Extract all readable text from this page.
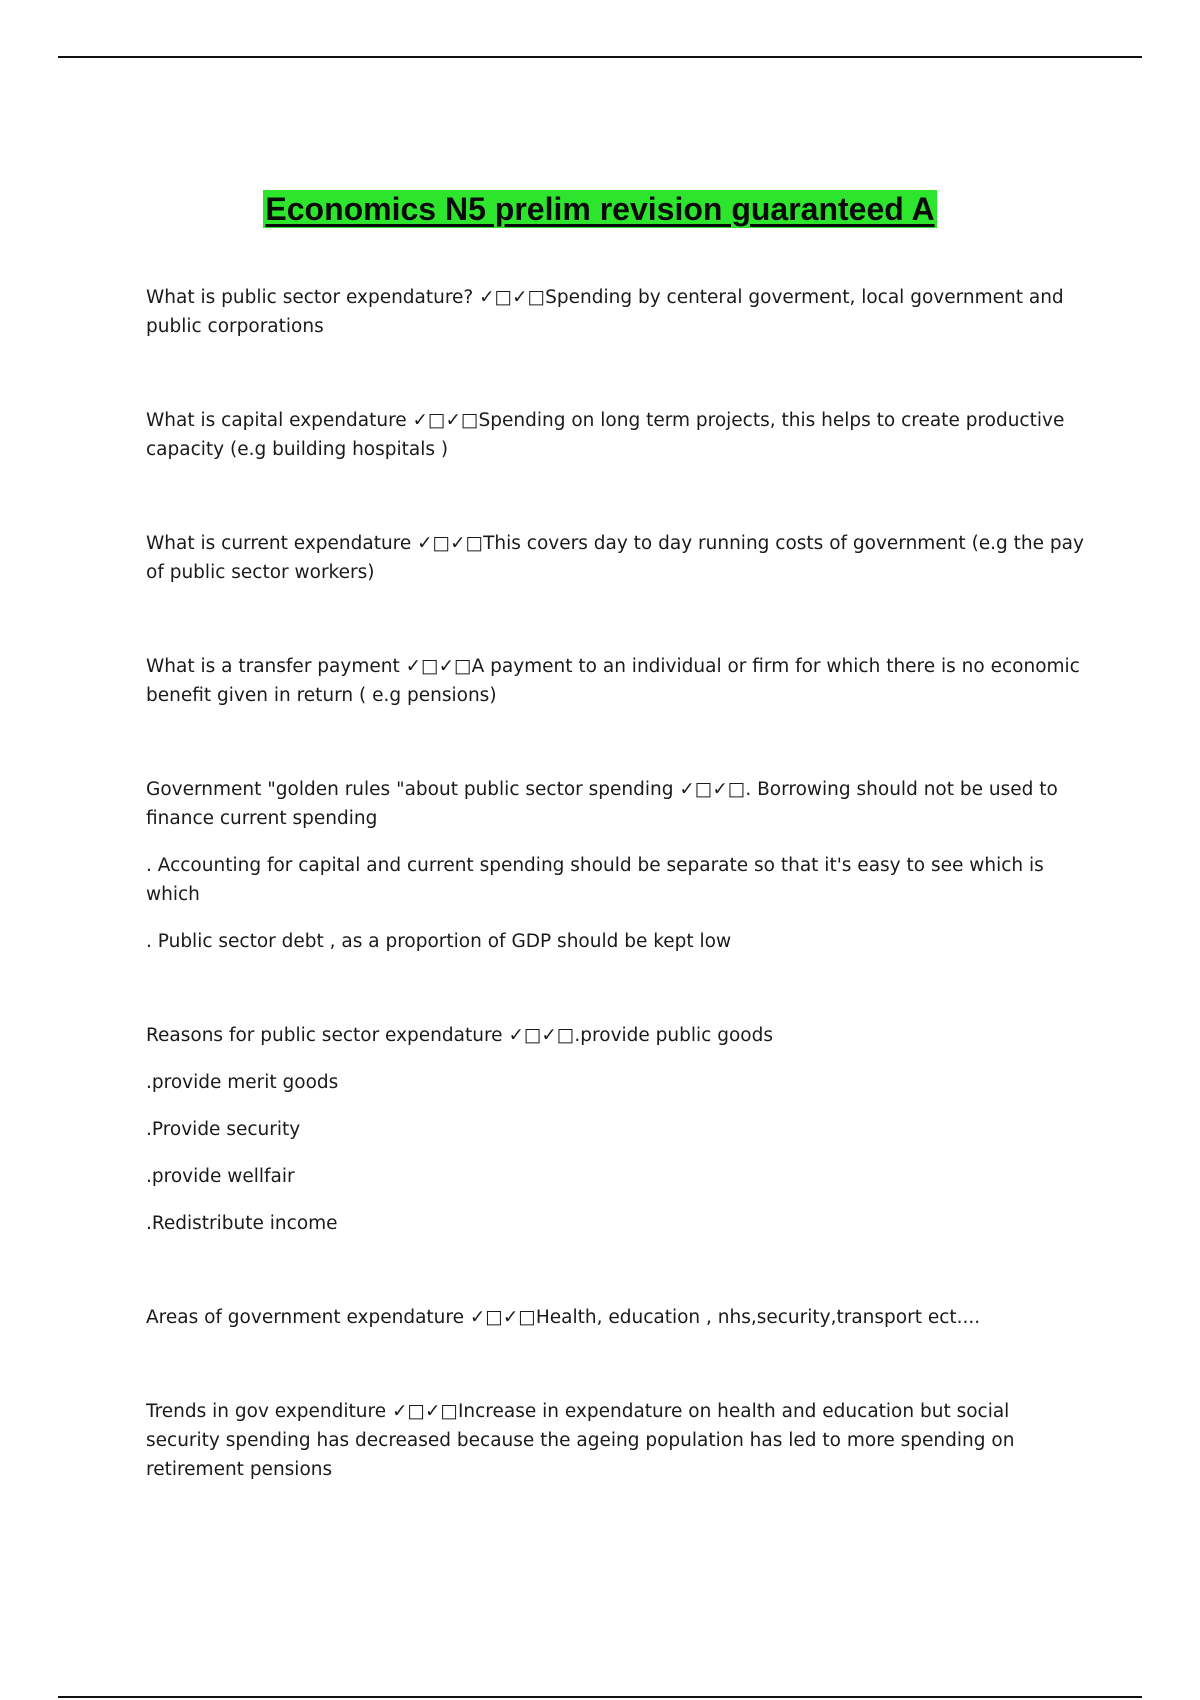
Economics N5 prelim revision guaranteed A

What is public sector expendature? ✓□✓□Spending by centeral goverment, local government and public corporations

What is capital expendature ✓□✓□Spending on long term projects, this helps to create productive capacity (e.g building hospitals )

What is current expendature ✓□✓□This covers day to day running costs of government (e.g the pay of public sector workers)

What is a transfer payment ✓□✓□A payment to an individual or firm for which there is no economic benefit given in return ( e.g pensions)

Government "golden rules "about public sector spending ✓□✓□. Borrowing should not be used to finance current spending

. Accounting for capital and current spending should be separate so that it's easy to see which is which

. Public sector debt , as a proportion of GDP should be kept low

Reasons for public sector expendature ✓□✓□.provide public goods

.provide merit goods

.Provide security

.provide wellfair

.Redistribute income

Areas of government expendature ✓□✓□Health, education , nhs,security,transport ect....

Trends in gov expenditure ✓□✓□Increase in expendature on health and education but social security spending has decreased because the ageing population has led to more spending on retirement pensions
